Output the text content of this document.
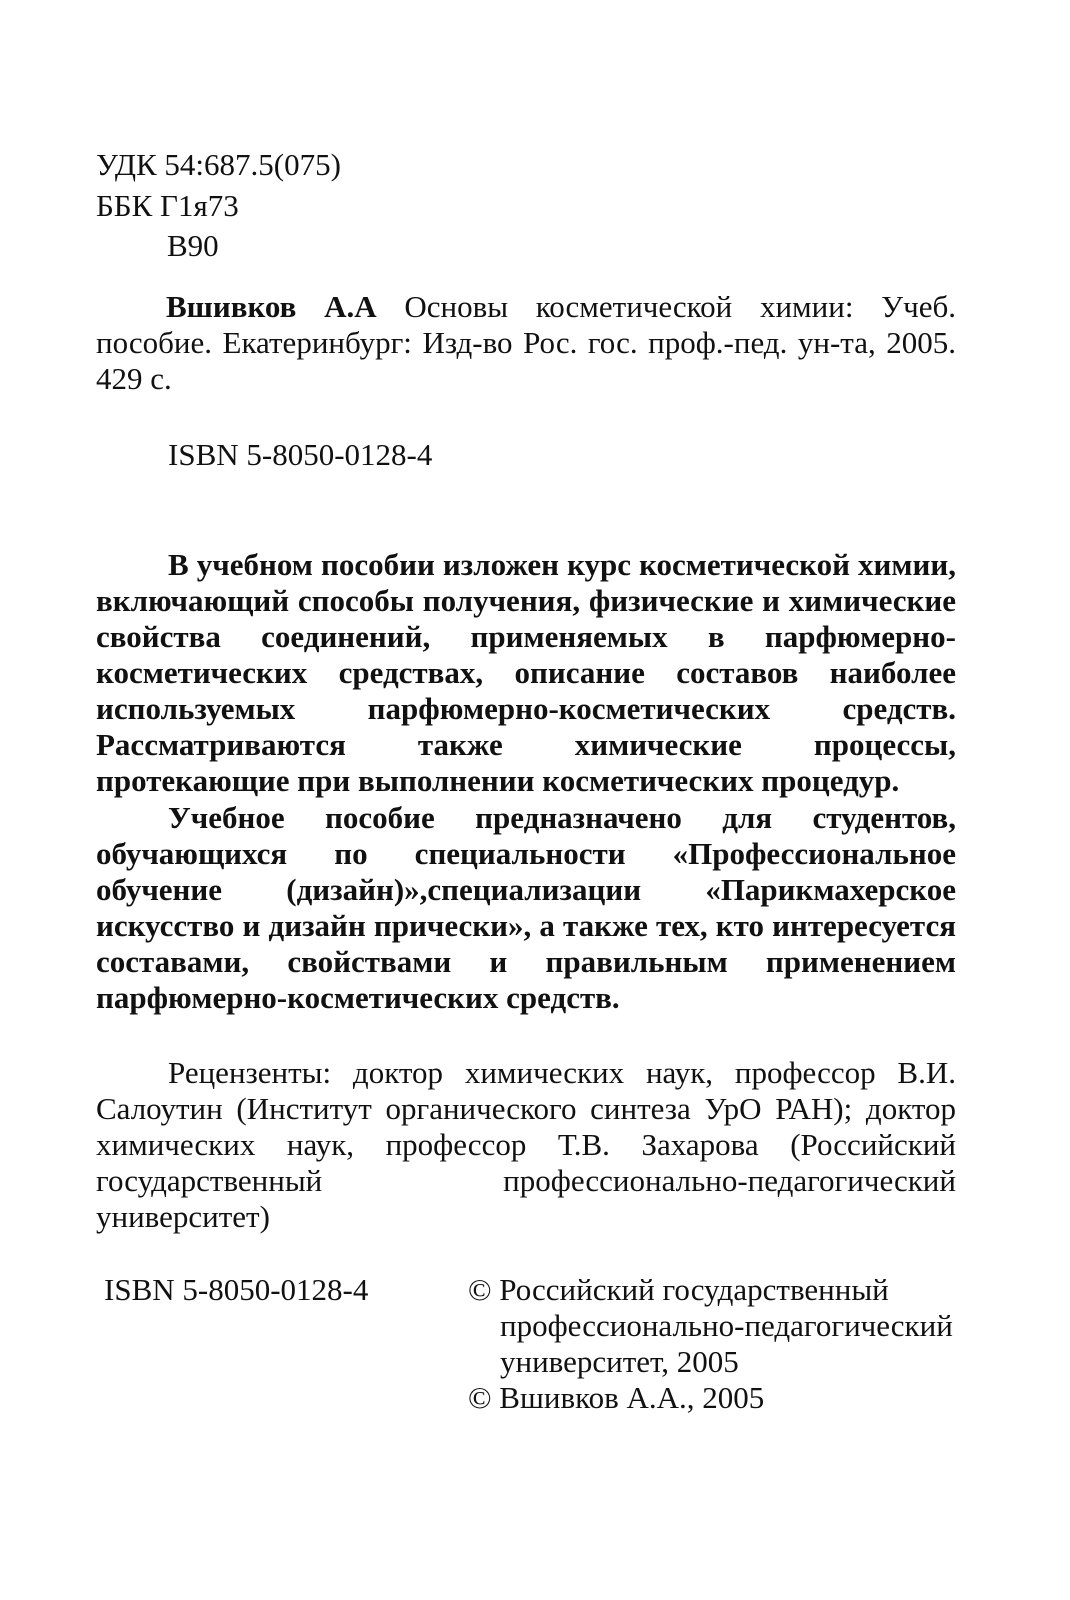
УДК 54:687.5(075)
ББК Г1я73
В90
Вшивков А.А Основы косметической химии: Учеб. пособие. Екатеринбург: Изд-во Рос. гос. проф.-пед. ун-та, 2005. 429 с.
ISBN 5-8050-0128-4
В учебном пособии изложен курс косметической химии, включающий способы получения, физические и химические свойства соединений, применяемых в парфюмерно-косметических средствах, описание составов наиболее используемых парфюмерно-косметических средств. Рассматриваются также химические процессы, протекающие при выполнении косметических процедур.
Учебное пособие предназначено для студентов, обучающихся по специальности «Профессиональное обучение (дизайн)»,специализации «Парикмахерское искусство и дизайн прически», а также тех, кто интересуется составами, свойствами и правильным применением парфюмерно-косметических средств.
Рецензенты: доктор химических наук, профессор В.И. Салоутин (Институт органического синтеза УрО РАН); доктор химических наук, профессор Т.В. Захарова (Российский государственный профессионально-педагогический университет)
ISBN 5-8050-0128-4	© Российский государственный
профессионально-педагогический
университет, 2005
© Вшивков А.А., 2005
